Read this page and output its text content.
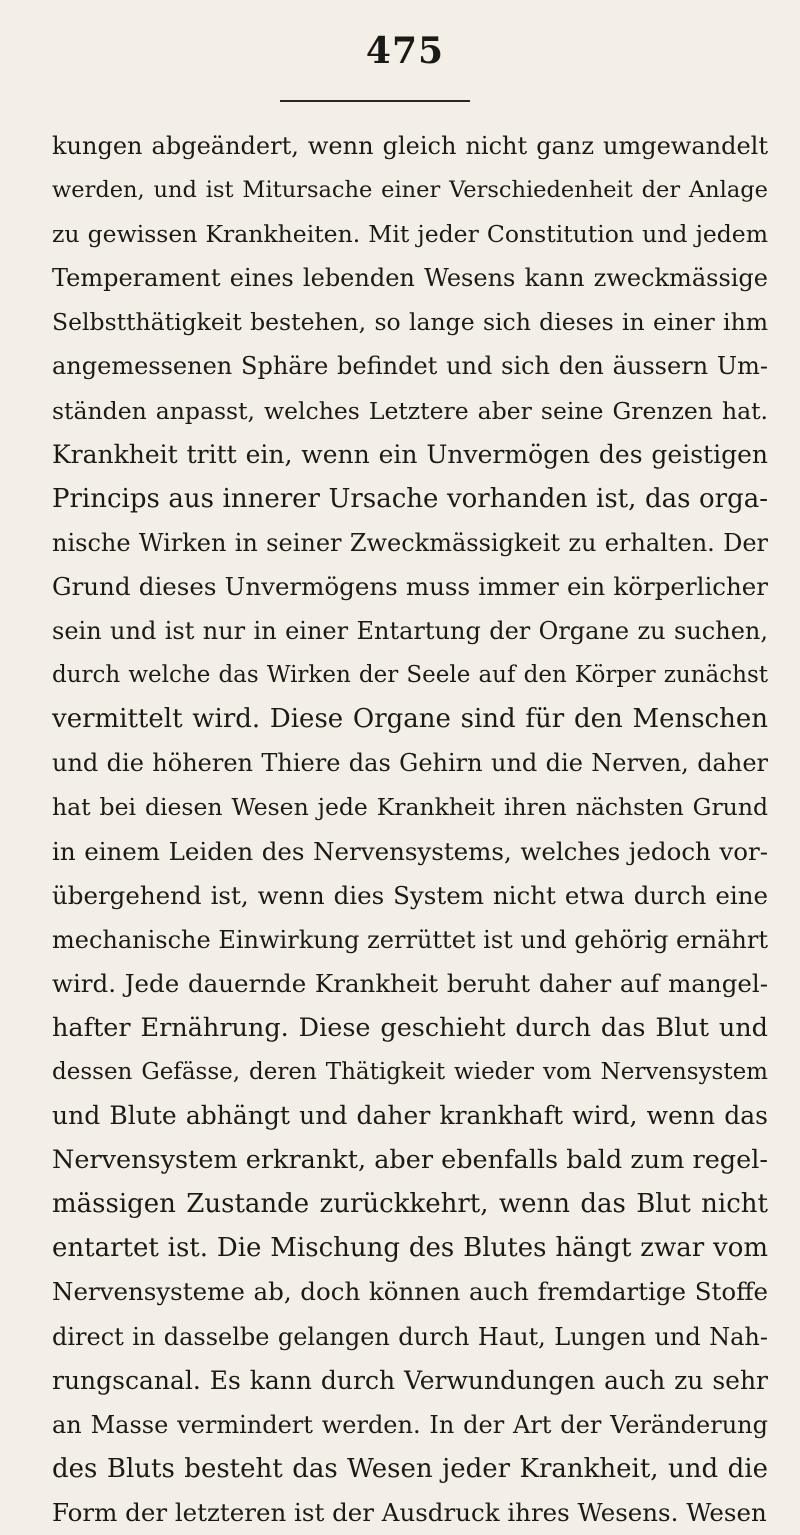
475
kungen abgeändert, wenn gleich nicht ganz umgewandelt
werden, und ist Mitursache einer Verschiedenheit der Anlage
zu gewissen Krankheiten. Mit jeder Constitution und jedem
Temperament eines lebenden Wesens kann zweckmässige
Selbstthätigkeit bestehen, so lange sich dieses in einer ihm
angemessenen Sphäre befindet und sich den äussern Um-
ständen anpasst, welches Letztere aber seine Grenzen hat.
Krankheit tritt ein, wenn ein Unvermögen des geistigen
Princips aus innerer Ursache vorhanden ist, das orga-
nische Wirken in seiner Zweckmässigkeit zu erhalten. Der
Grund dieses Unvermögens muss immer ein körperlicher
sein und ist nur in einer Entartung der Organe zu suchen,
durch welche das Wirken der Seele auf den Körper zunächst
vermittelt wird. Diese Organe sind für den Menschen
und die höheren Thiere das Gehirn und die Nerven, daher
hat bei diesen Wesen jede Krankheit ihren nächsten Grund
in einem Leiden des Nervensystems, welches jedoch vor-
übergehend ist, wenn dies System nicht etwa durch eine
mechanische Einwirkung zerrüttet ist und gehörig ernährt
wird. Jede dauernde Krankheit beruht daher auf mangel-
hafter Ernährung. Diese geschieht durch das Blut und
dessen Gefässe, deren Thätigkeit wieder vom Nervensystem
und Blute abhängt und daher krankhaft wird, wenn das
Nervensystem erkrankt, aber ebenfalls bald zum regel-
mässigen Zustande zurückkehrt, wenn das Blut nicht
entartet ist. Die Mischung des Blutes hängt zwar vom
Nervensysteme ab, doch können auch fremdartige Stoffe
direct in dasselbe gelangen durch Haut, Lungen und Nah-
rungscanal. Es kann durch Verwundungen auch zu sehr
an Masse vermindert werden. In der Art der Veränderung
des Bluts besteht das Wesen jeder Krankheit, und die
Form der letzteren ist der Ausdruck ihres Wesens. Wesen
